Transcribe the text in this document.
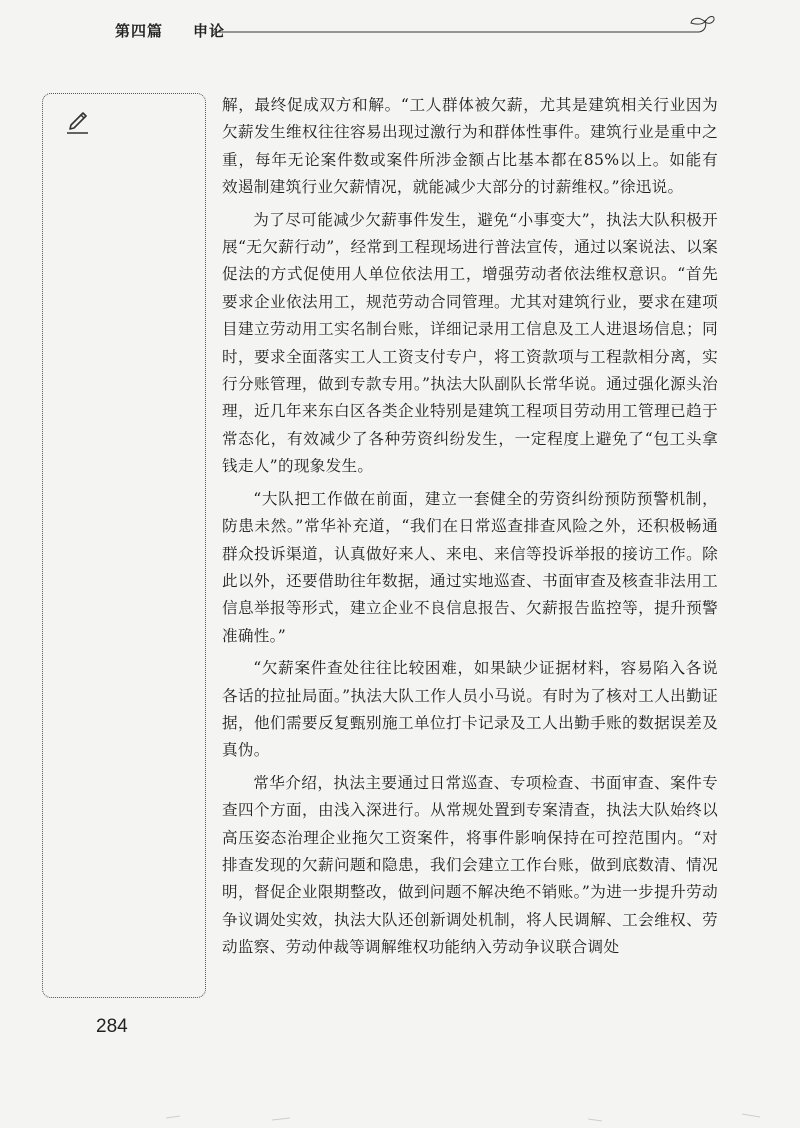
第四篇 申论

解，最终促成双方和解。“工人群体被欠薪，尤其是建筑相关行业因为欠薪发生维权往往容易出现过激行为和群体性事件。建筑行业是重中之重，每年无论案件数或案件所涉金额占比基本都在85%以上。如能有效遏制建筑行业欠薪情况，就能减少大部分的讨薪维权。”徐迅说。

为了尽可能减少欠薪事件发生，避免“小事变大”，执法大队积极开展“无欠薪行动”，经常到工程现场进行普法宣传，通过以案说法、以案促法的方式促使用人单位依法用工，增强劳动者依法维权意识。“首先要求企业依法用工，规范劳动合同管理。尤其对建筑行业，要求在建项目建立劳动用工实名制台账，详细记录用工信息及工人进退场信息；同时，要求全面落实工人工资支付专户，将工资款项与工程款相分离，实行分账管理，做到专款专用。”执法大队副队长常华说。通过强化源头治理，近几年来东白区各类企业特别是建筑工程项目劳动用工管理已趋于常态化，有效减少了各种劳资纠纷发生，一定程度上避免了“包工头拿钱走人”的现象发生。

“大队把工作做在前面，建立一套健全的劳资纠纷预防预警机制，防患未然。”常华补充道，“我们在日常巡查排查风险之外，还积极畅通群众投诉渠道，认真做好来人、来电、来信等投诉举报的接访工作。除此以外，还要借助往年数据，通过实地巡查、书面审查及核查非法用工信息举报等形式，建立企业不良信息报告、欠薪报告监控等，提升预警准确性。”

“欠薪案件查处往往比较困难，如果缺少证据材料，容易陷入各说各话的拉扯局面。”执法大队工作人员小马说。有时为了核对工人出勤证据，他们需要反复甄别施工单位打卡记录及工人出勤手账的数据误差及真伪。

常华介绍，执法主要通过日常巡查、专项检查、书面审查、案件专查四个方面，由浅入深进行。从常规处置到专案清查，执法大队始终以高压姿态治理企业拖欠工资案件，将事件影响保持在可控范围内。“对排查发现的欠薪问题和隐患，我们会建立工作台账，做到底数清、情况明，督促企业限期整改，做到问题不解决绝不销账。”为进一步提升劳动争议调处实效，执法大队还创新调处机制，将人民调解、工会维权、劳动监察、劳动仲裁等调解维权功能纳入劳动争议联合调处

284
